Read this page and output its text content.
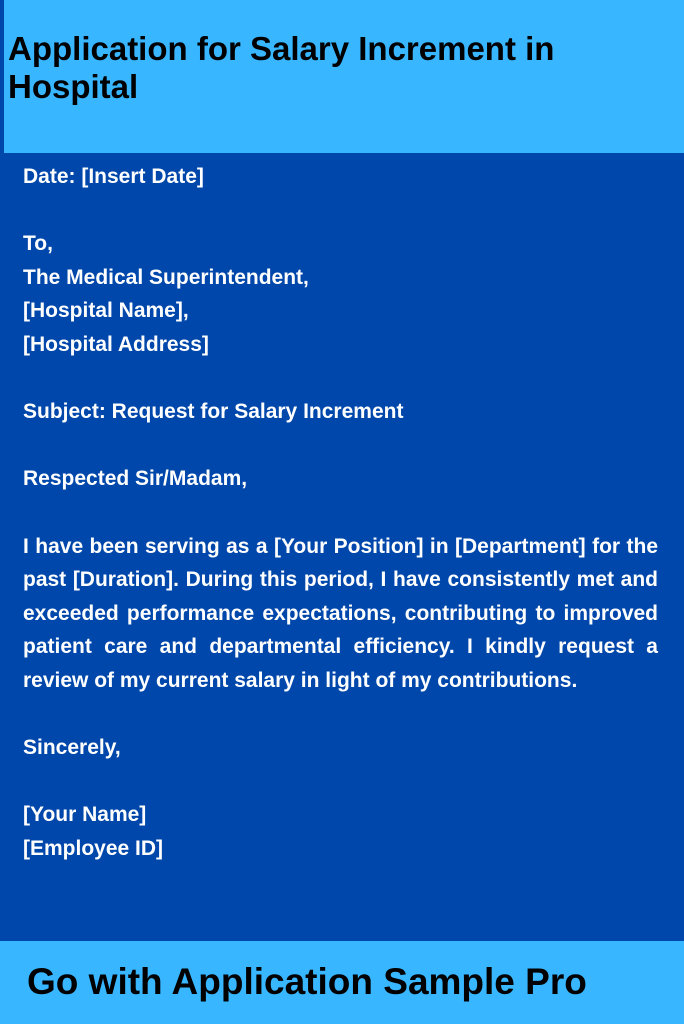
Application for Salary Increment in Hospital

Date: [Insert Date]

To,

The Medical Superintendent,

[Hospital Name],

[Hospital Address]

Subject: Request for Salary Increment

Respected Sir/Madam,

I have been serving as a [Your Position] in [Department] for the past [Duration]. During this period, I have consistently met and exceeded performance expectations, contributing to improved patient care and departmental efficiency. I kindly request a review of my current salary in light of my contributions.

Sincerely,

[Your Name]

[Employee ID]

Go with Application Sample Pro
